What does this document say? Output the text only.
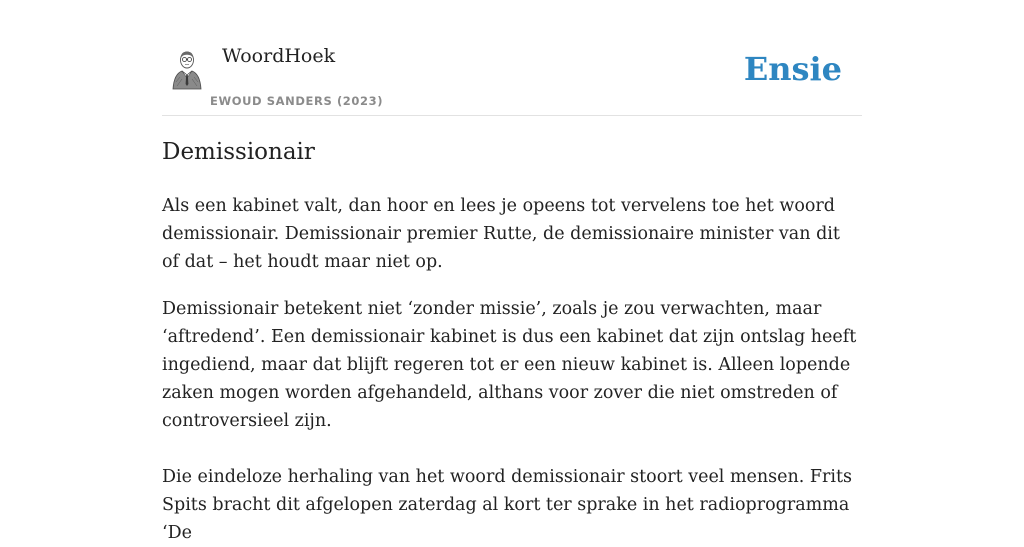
WoordHoek
EWOUD SANDERS (2023)
Ensie
Demissionair

Als een kabinet valt, dan hoor en lees je opeens tot vervelens toe het woord demissionair. Demissionair premier Rutte, de demissionaire minister van dit of dat – het houdt maar niet op.

Demissionair betekent niet ‘zonder missie’, zoals je zou verwachten, maar ‘aftredend’. Een demissionair kabinet is dus een kabinet dat zijn ontslag heeft ingediend, maar dat blijft regeren tot er een nieuw kabinet is. Alleen lopende zaken mogen worden afgehandeld, althans voor zover die niet omstreden of controversieel zijn.

Die eindeloze herhaling van het woord demissionair stoort veel mensen. Frits Spits bracht dit afgelopen zaterdag al kort ter sprake in het radioprogramma ‘De
